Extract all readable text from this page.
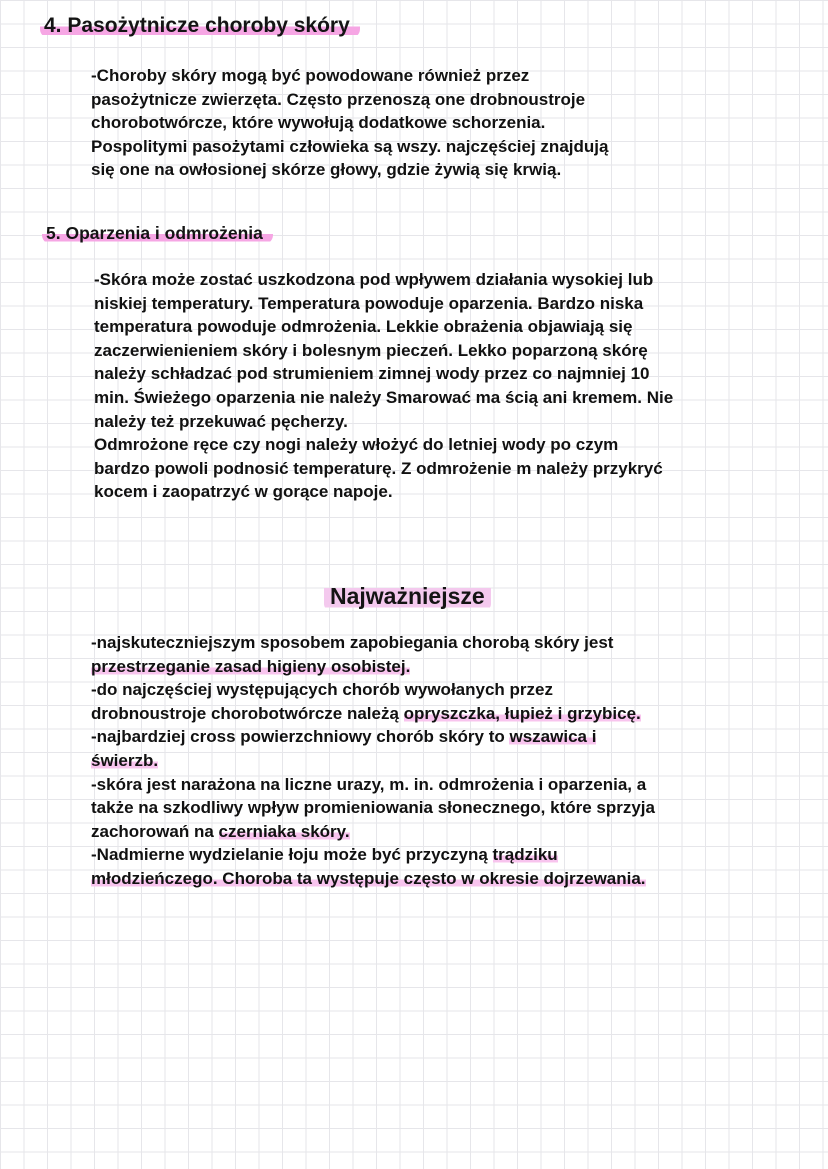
4. Pasożytnicze choroby skóry
-Choroby skóry mogą być powodowane również przez
pasożytnicze zwierzęta. Często przenoszą one drobnoustroje
chorobotwórcze, które wywołują dodatkowe schorzenia.
Pospolitymi pasożytami człowieka są wszy. najczęściej znajdują
się one na owłosionej skórze głowy, gdzie żywią się krwią.
5. Oparzenia i odmrożenia
-Skóra może zostać uszkodzona pod wpływem działania wysokiej lub
niskiej temperatury. Temperatura powoduje oparzenia. Bardzo niska
temperatura powoduje odmrożenia. Lekkie obrażenia objawiają się
zaczerwienieniem skóry i bolesnym pieczeń. Lekko poparzoną skórę
należy schładzać pod strumieniem zimnej wody przez co najmniej 10
min. Świeżego oparzenia nie należy Smarować ma ścią ani kremem. Nie
należy też przekuwać pęcherzy.
Odmrożone ręce czy nogi należy włożyć do letniej wody po czym
bardzo powoli podnosić temperaturę. Z odmrożenie m należy przykryć
kocem i zaopatrzyć w gorące napoje.
Najważniejsze
-najskuteczniejszym sposobem zapobiegania chorobą skóry jest
przestrzeganie zasad higieny osobistej.
-do najczęściej występujących chorób wywołanych przez
drobnoustroje chorobotwórcze należą opryszczka, łupież i grzybicę.
-najbardziej cross powierzchniowy chorób skóry to wszawica i
świerzb.
-skóra jest narażona na liczne urazy, m. in. odmrożenia i oparzenia, a
także na szkodliwy wpływ promieniowania słonecznego, które sprzyja
zachorowań na czerniaka skóry.
-Nadmierne wydzielanie łoju może być przyczyną trądziku
młodzieńczego. Choroba ta występuje często w okresie dojrzewania.
